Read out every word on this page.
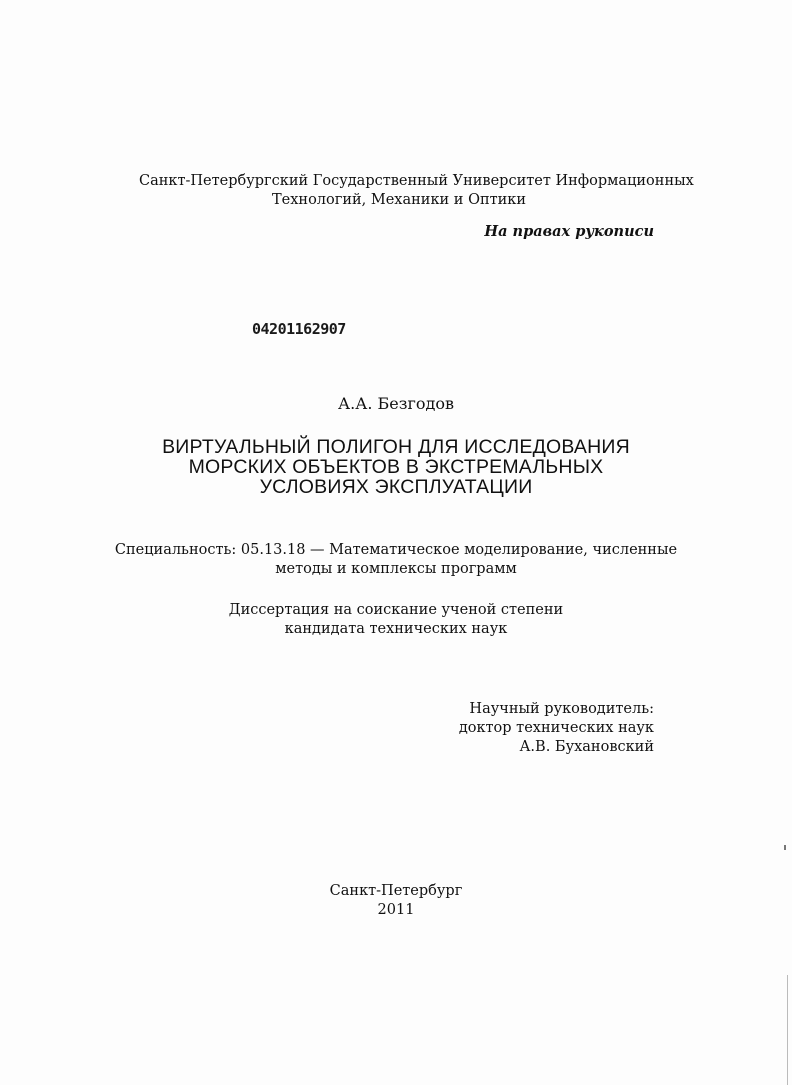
Санкт-Петербургский Государственный Университет Информационных
Технологий, Механики и Оптики
На правах рукописи
04201162907
А.А. Безгодов
ВИРТУАЛЬНЫЙ ПОЛИГОН ДЛЯ ИССЛЕДОВАНИЯ
МОРСКИХ ОБЪЕКТОВ В ЭКСТРЕМАЛЬНЫХ
УСЛОВИЯХ ЭКСПЛУАТАЦИИ
Специальность: 05.13.18 — Математическое моделирование, численные
методы и комплексы программ
Диссертация на соискание ученой степени
кандидата технических наук
Научный руководитель:
доктор технических наук
А.В. Бухановский
Санкт-Петербург
2011
